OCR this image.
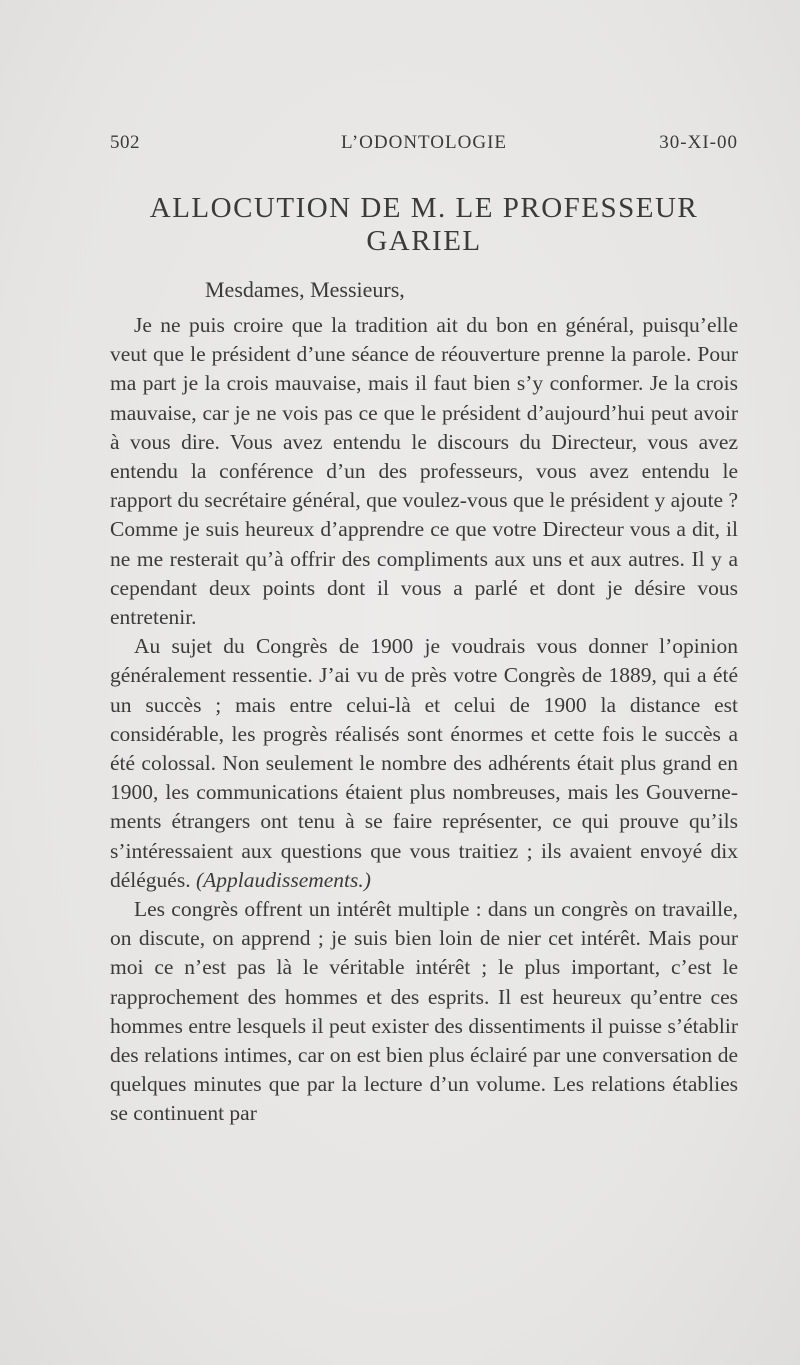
502	L’ODONTOLOGIE	30-XI-00
ALLOCUTION DE M. LE PROFESSEUR GARIEL

Mesdames, Messieurs,

Je ne puis croire que la tradition ait du bon en général, puisqu’elle veut que le président d’une séance de réouverture prenne la parole. Pour ma part je la crois mauvaise, mais il faut bien s’y conformer. Je la crois mauvaise, car je ne vois pas ce que le président d’aujourd’hui peut avoir à vous dire. Vous avez entendu le discours du Directeur, vous avez entendu la conférence d’un des professeurs, vous avez entendu le rapport du secrétaire général, que voulez-vous que le président y ajoute ? Comme je suis heureux d’apprendre ce que votre Directeur vous a dit, il ne me resterait qu’à offrir des compliments aux uns et aux autres. Il y a cependant deux points dont il vous a parlé et dont je désire vous entretenir.

Au sujet du Congrès de 1900 je voudrais vous donner l’opinion généralement ressentie. J’ai vu de près votre Congrès de 1889, qui a été un succès ; mais entre celui-là et celui de 1900 la distance est considérable, les progrès réalisés sont énormes et cette fois le succès a été colossal. Non seulement le nombre des adhérents était plus grand en 1900, les communications étaient plus nombreuses, mais les Gouvernements étrangers ont tenu à se faire représenter, ce qui prouve qu’ils s’intéressaient aux questions que vous traitiez ; ils avaient envoyé dix délégués. (Applaudissements.)

Les congrès offrent un intérêt multiple : dans un congrès on travaille, on discute, on apprend ; je suis bien loin de nier cet intérêt. Mais pour moi ce n’est pas là le véritable intérêt ; le plus important, c’est le rapprochement des hommes et des esprits. Il est heureux qu’entre ces hommes entre lesquels il peut exister des dissentiments il puisse s’établir des relations intimes, car on est bien plus éclairé par une conversation de quelques minutes que par la lecture d’un volume. Les relations établies se continuent par
